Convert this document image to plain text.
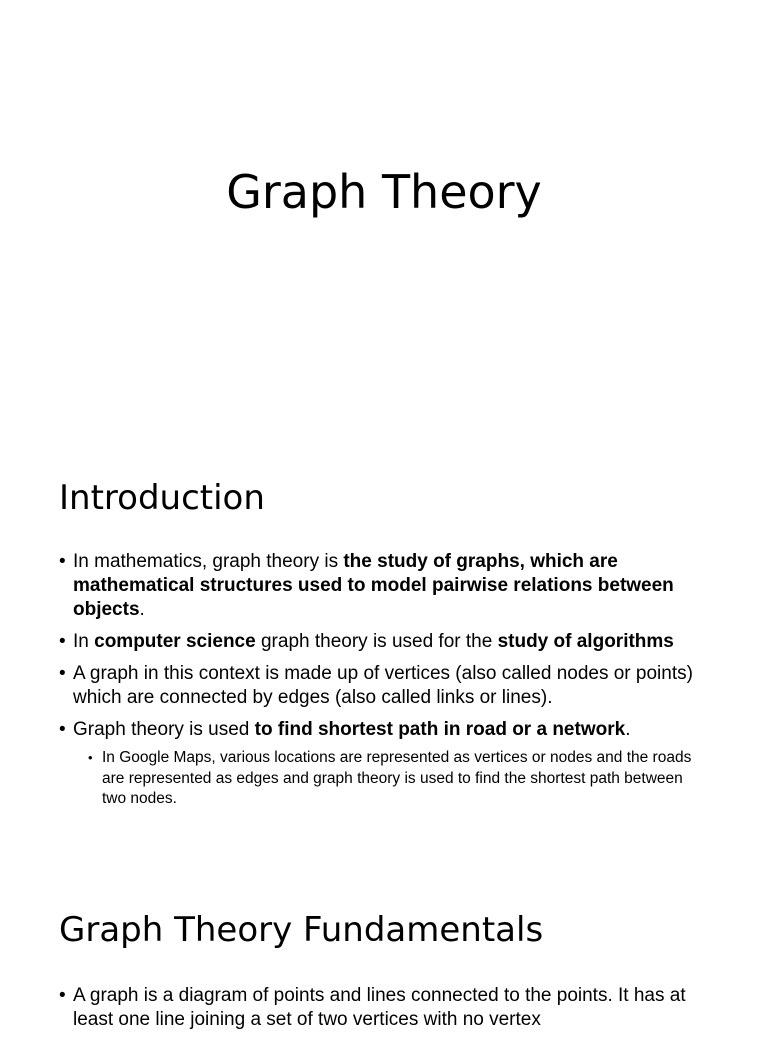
Graph Theory
Introduction
• In mathematics, graph theory is the study of graphs, which are mathematical structures used to model pairwise relations between objects.
• In computer science graph theory is used for the study of algorithms
• A graph in this context is made up of vertices (also called nodes or points) which are connected by edges (also called links or lines).
• Graph theory is used to find shortest path in road or a network.
• In Google Maps, various locations are represented as vertices or nodes and the roads are represented as edges and graph theory is used to find the shortest path between two nodes.
Graph Theory Fundamentals
• A graph is a diagram of points and lines connected to the points. It has at least one line joining a set of two vertices with no vertex
